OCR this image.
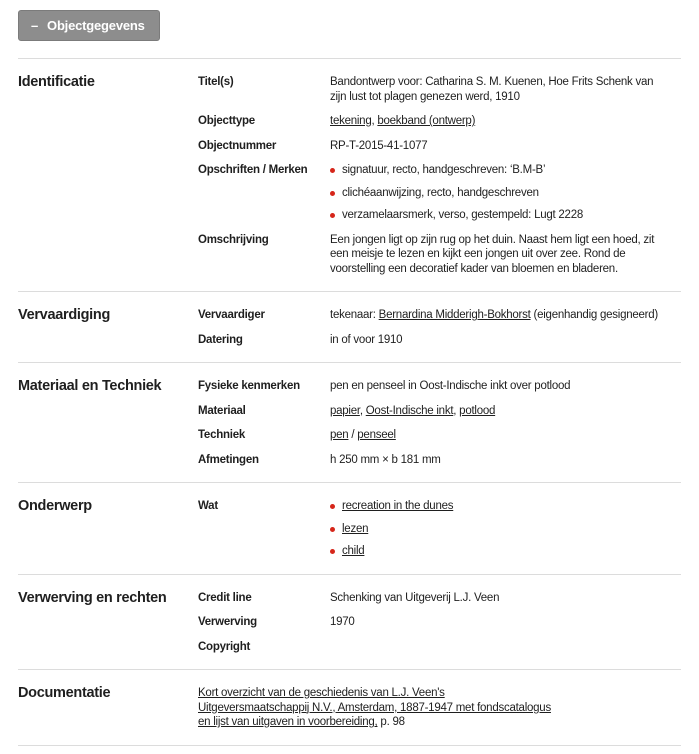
– Objectgegevens
Identificatie	Titel(s)	Bandontwerp voor: Catharina S. M. Kuenen, Hoe Frits Schenk van zijn lust tot plagen genezen werd, 1910
Objecttype	tekening, boekband (ontwerp)
Objectnummer	RP-T-2015-41-1077
Opschriften / Merken	signatuur, recto, handgeschreven: ‘B.M-B’
clichéaanwijzing, recto, handgeschreven
verzamelaarsmerk, verso, gestempeld: Lugt 2228
Omschrijving	Een jongen ligt op zijn rug op het duin. Naast hem ligt een hoed, zit een meisje te lezen en kijkt een jongen uit over zee. Rond de voorstelling een decoratief kader van bloemen en bladeren.
Vervaardiging	Vervaardiger	tekenaar: Bernardina Midderigh-Bokhorst (eigenhandig gesigneerd)
Datering	in of voor 1910
Materiaal en Techniek	Fysieke kenmerken	pen en penseel in Oost-Indische inkt over potlood
Materiaal	papier, Oost-Indische inkt, potlood
Techniek	pen / penseel
Afmetingen	h 250 mm × b 181 mm
Onderwerp	Wat	recreation in the dunes
lezen
child
Verwerving en rechten	Credit line	Schenking van Uitgeverij L.J. Veen
Verwerving	1970
Copyright
Documentatie	Kort overzicht van de geschiedenis van L.J. Veen's Uitgeversmaatschappij N.V., Amsterdam, 1887-1947 met fondscatalogus en lijst van uitgaven in voorbereiding, p. 98
